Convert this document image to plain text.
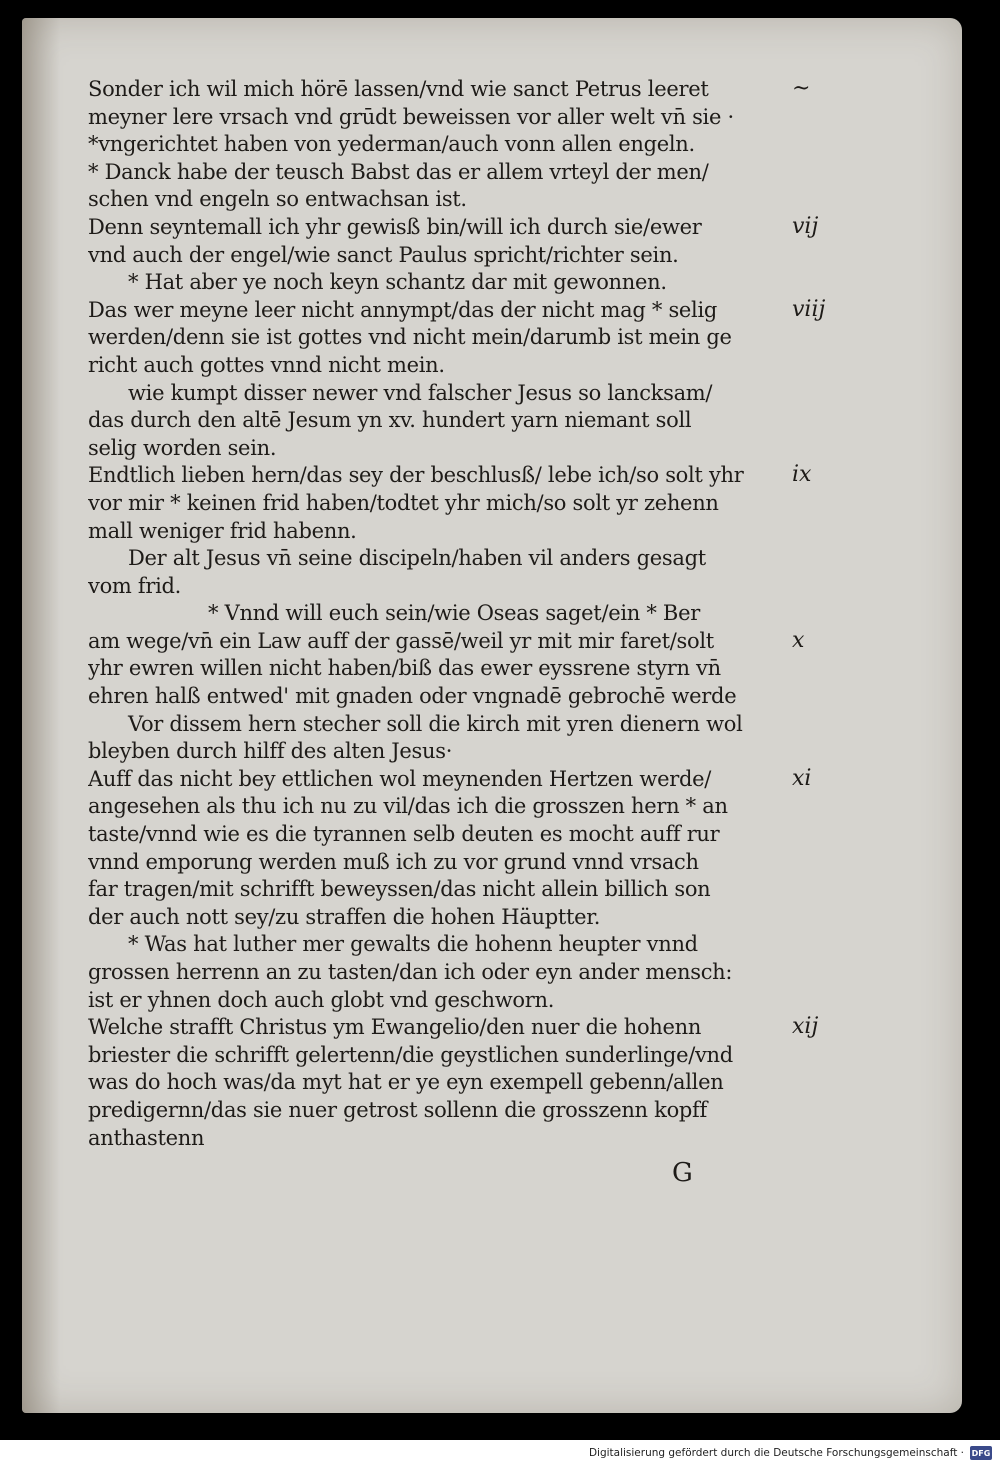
Sonder ich wil mich hörē lassen/vnd wie sanct Petrus leeret
meyner lere vrsach vnd grūdt beweissen vor aller welt vn̄ sie ·
*vngerichtet haben von yederman/auch vonn allen engeln.
* Danck habe der teusch Babst das er allem vrteyl der men/
schen vnd engeln so entwachsan ist.
Denn seyntemall ich yhr gewisß bin/will ich durch sie/ewer
vnd auch der engel/wie sanct Paulus spricht/richter sein.
* Hat aber ye noch keyn schantz dar mit gewonnen.
Das wer meyne leer nicht annympt/das der nicht mag * selig
werden/denn sie ist gottes vnd nicht mein/darumb ist mein ge
richt auch gottes vnnd nicht mein.
wie kumpt disser newer vnd falscher Jesus so lancksam/
das durch den altē Jesum yn xv. hundert yarn niemant soll
selig worden sein.
Endtlich lieben hern/das sey der beschlusß/ lebe ich/so solt yhr
vor mir * keinen frid haben/todtet yhr mich/so solt yr zehenn
mall weniger frid habenn.
Der alt Jesus vn̄ seine discipeln/haben vil anders gesagt
vom frid.
* Vnnd will euch sein/wie Oseas saget/ein * Ber
am wege/vn̄ ein Law auff der gassē/weil yr mit mir faret/solt
yhr ewren willen nicht haben/biß das ewer eyssrene styrn vn̄
ehren halß entwed' mit gnaden oder vngnadē gebrochē werde
Vor dissem hern stecher soll die kirch mit yren dienern wol
bleyben durch hilff des alten Jesus·
Auff das nicht bey ettlichen wol meynenden Hertzen werde/
angesehen als thu ich nu zu vil/das ich die grosszen hern * an
taste/vnnd wie es die tyrannen selb deuten es mocht auff rur
vnnd emporung werden muß ich zu vor grund vnnd vrsach
far tragen/mit schrifft beweyssen/das nicht allein billich son
der auch nott sey/zu straffen die hohen Häuptter.
* Was hat luther mer gewalts die hohenn heupter vnnd
grossen herrenn an zu tasten/dan ich oder eyn ander mensch:
ist er yhnen doch auch globt vnd geschworn.
Welche strafft Christus ym Ewangelio/den nuer die hohenn
briester die schrifft gelertenn/die geystlichen sunderlinge/vnd
was do hoch was/da myt hat er ye eyn exempell gebenn/allen
predigernn/das sie nuer getrost sollenn die grosszenn kopff
anthastenn
~
vij
viij
ix
x
xi
xij
G
Digitalisierung gefördert durch die Deutsche Forschungsgemeinschaft · DFG
